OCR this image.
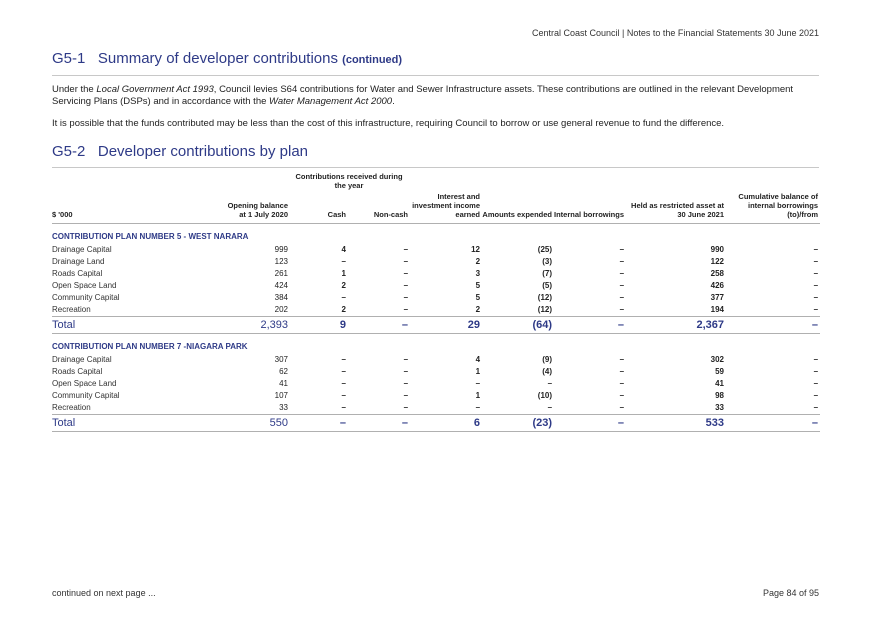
Central Coast Council | Notes to the Financial Statements 30 June 2021
G5-1 Summary of developer contributions (continued)
Under the Local Government Act 1993, Council levies S64 contributions for Water and Sewer Infrastructure assets. These contributions are outlined in the relevant Development Servicing Plans (DSPs) and in accordance with the Water Management Act 2000.
It is possible that the funds contributed may be less than the cost of this infrastructure, requiring Council to borrow or use general revenue to fund the difference.
G5-2 Developer contributions by plan
		Contributions received during the year						
$ '000	Opening balance at 1 July 2020	Cash	Non-cash	Interest and investment income earned	Amounts expended	Internal borrowings	Held as restricted asset at 30 June 2021	Cumulative balance of internal borrowings (to)/from
CONTRIBUTION PLAN NUMBER 5 - WEST NARARA								
Drainage Capital	999	4	–	12	(25)	–	990	–
Drainage Land	123	–	–	2	(3)	–	122	–
Roads Capital	261	1	–	3	(7)	–	258	–
Open Space Land	424	2	–	5	(5)	–	426	–
Community Capital	384	–	–	5	(12)	–	377	–
Recreation	202	2	–	2	(12)	–	194	–
Total	2,393	9	–	29	(64)	–	2,367	–
CONTRIBUTION PLAN NUMBER 7 -NIAGARA PARK								
Drainage Capital	307	–	–	4	(9)	–	302	–
Roads Capital	62	–	–	1	(4)	–	59	–
Open Space Land	41	–	–	–	–	–	41	–
Community Capital	107	–	–	1	(10)	–	98	–
Recreation	33	–	–	–	–	–	33	–
Total	550	–	–	6	(23)	–	533	–
continued on next page ...	Page 84 of 95
